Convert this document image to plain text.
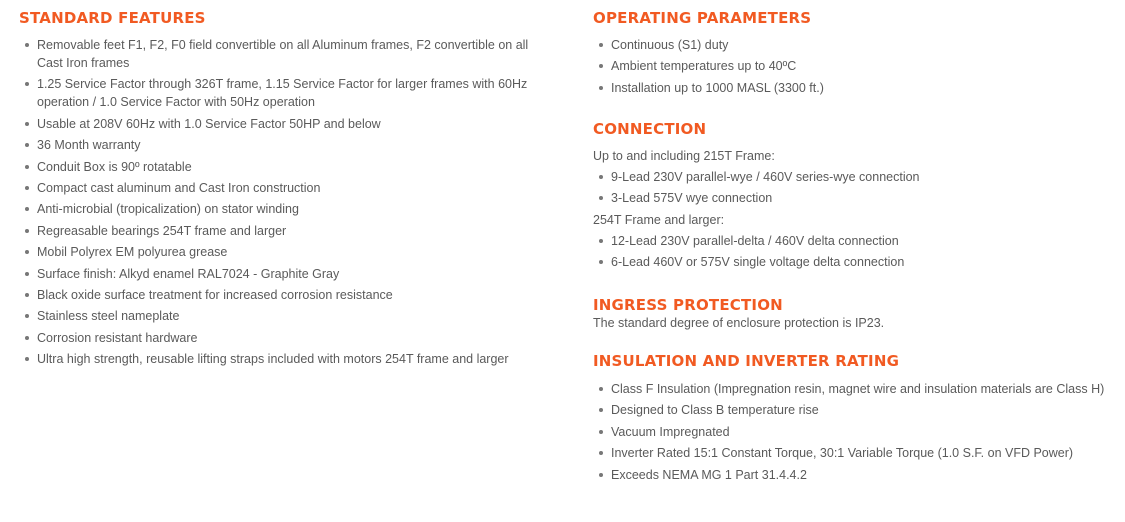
STANDARD FEATURES
Removable feet F1, F2, F0 field convertible on all Aluminum frames, F2 convertible on all Cast Iron frames
1.25 Service Factor through 326T frame, 1.15 Service Factor for larger frames with 60Hz operation / 1.0 Service Factor with 50Hz operation
Usable at 208V 60Hz with 1.0 Service Factor 50HP and below
36 Month warranty
Conduit Box is 90º rotatable
Compact cast aluminum and Cast Iron construction
Anti-microbial (tropicalization) on stator winding
Regreasable bearings 254T frame and larger
Mobil Polyrex EM polyurea grease
Surface finish: Alkyd enamel RAL7024 - Graphite Gray
Black oxide surface treatment for increased corrosion resistance
Stainless steel nameplate
Corrosion resistant hardware
Ultra high strength, reusable lifting straps included with motors 254T frame and larger
OPERATING PARAMETERS
Continuous (S1) duty
Ambient temperatures up to 40ºC
Installation up to 1000 MASL (3300 ft.)
CONNECTION

Up to and including 215T Frame:

9-Lead 230V parallel-wye / 460V series-wye connection
3-Lead 575V wye connection

254T Frame and larger:

12-Lead 230V parallel-delta / 460V delta connection
6-Lead 460V or 575V single voltage delta connection
INGRESS PROTECTION

The standard degree of enclosure protection is IP23.

INSULATION AND INVERTER RATING
Class F Insulation (Impregnation resin, magnet wire and insulation materials are Class H)
Designed to Class B temperature rise
Vacuum Impregnated
Inverter Rated 15:1 Constant Torque, 30:1 Variable Torque (1.0 S.F. on VFD Power)
Exceeds NEMA MG 1 Part 31.4.4.2
